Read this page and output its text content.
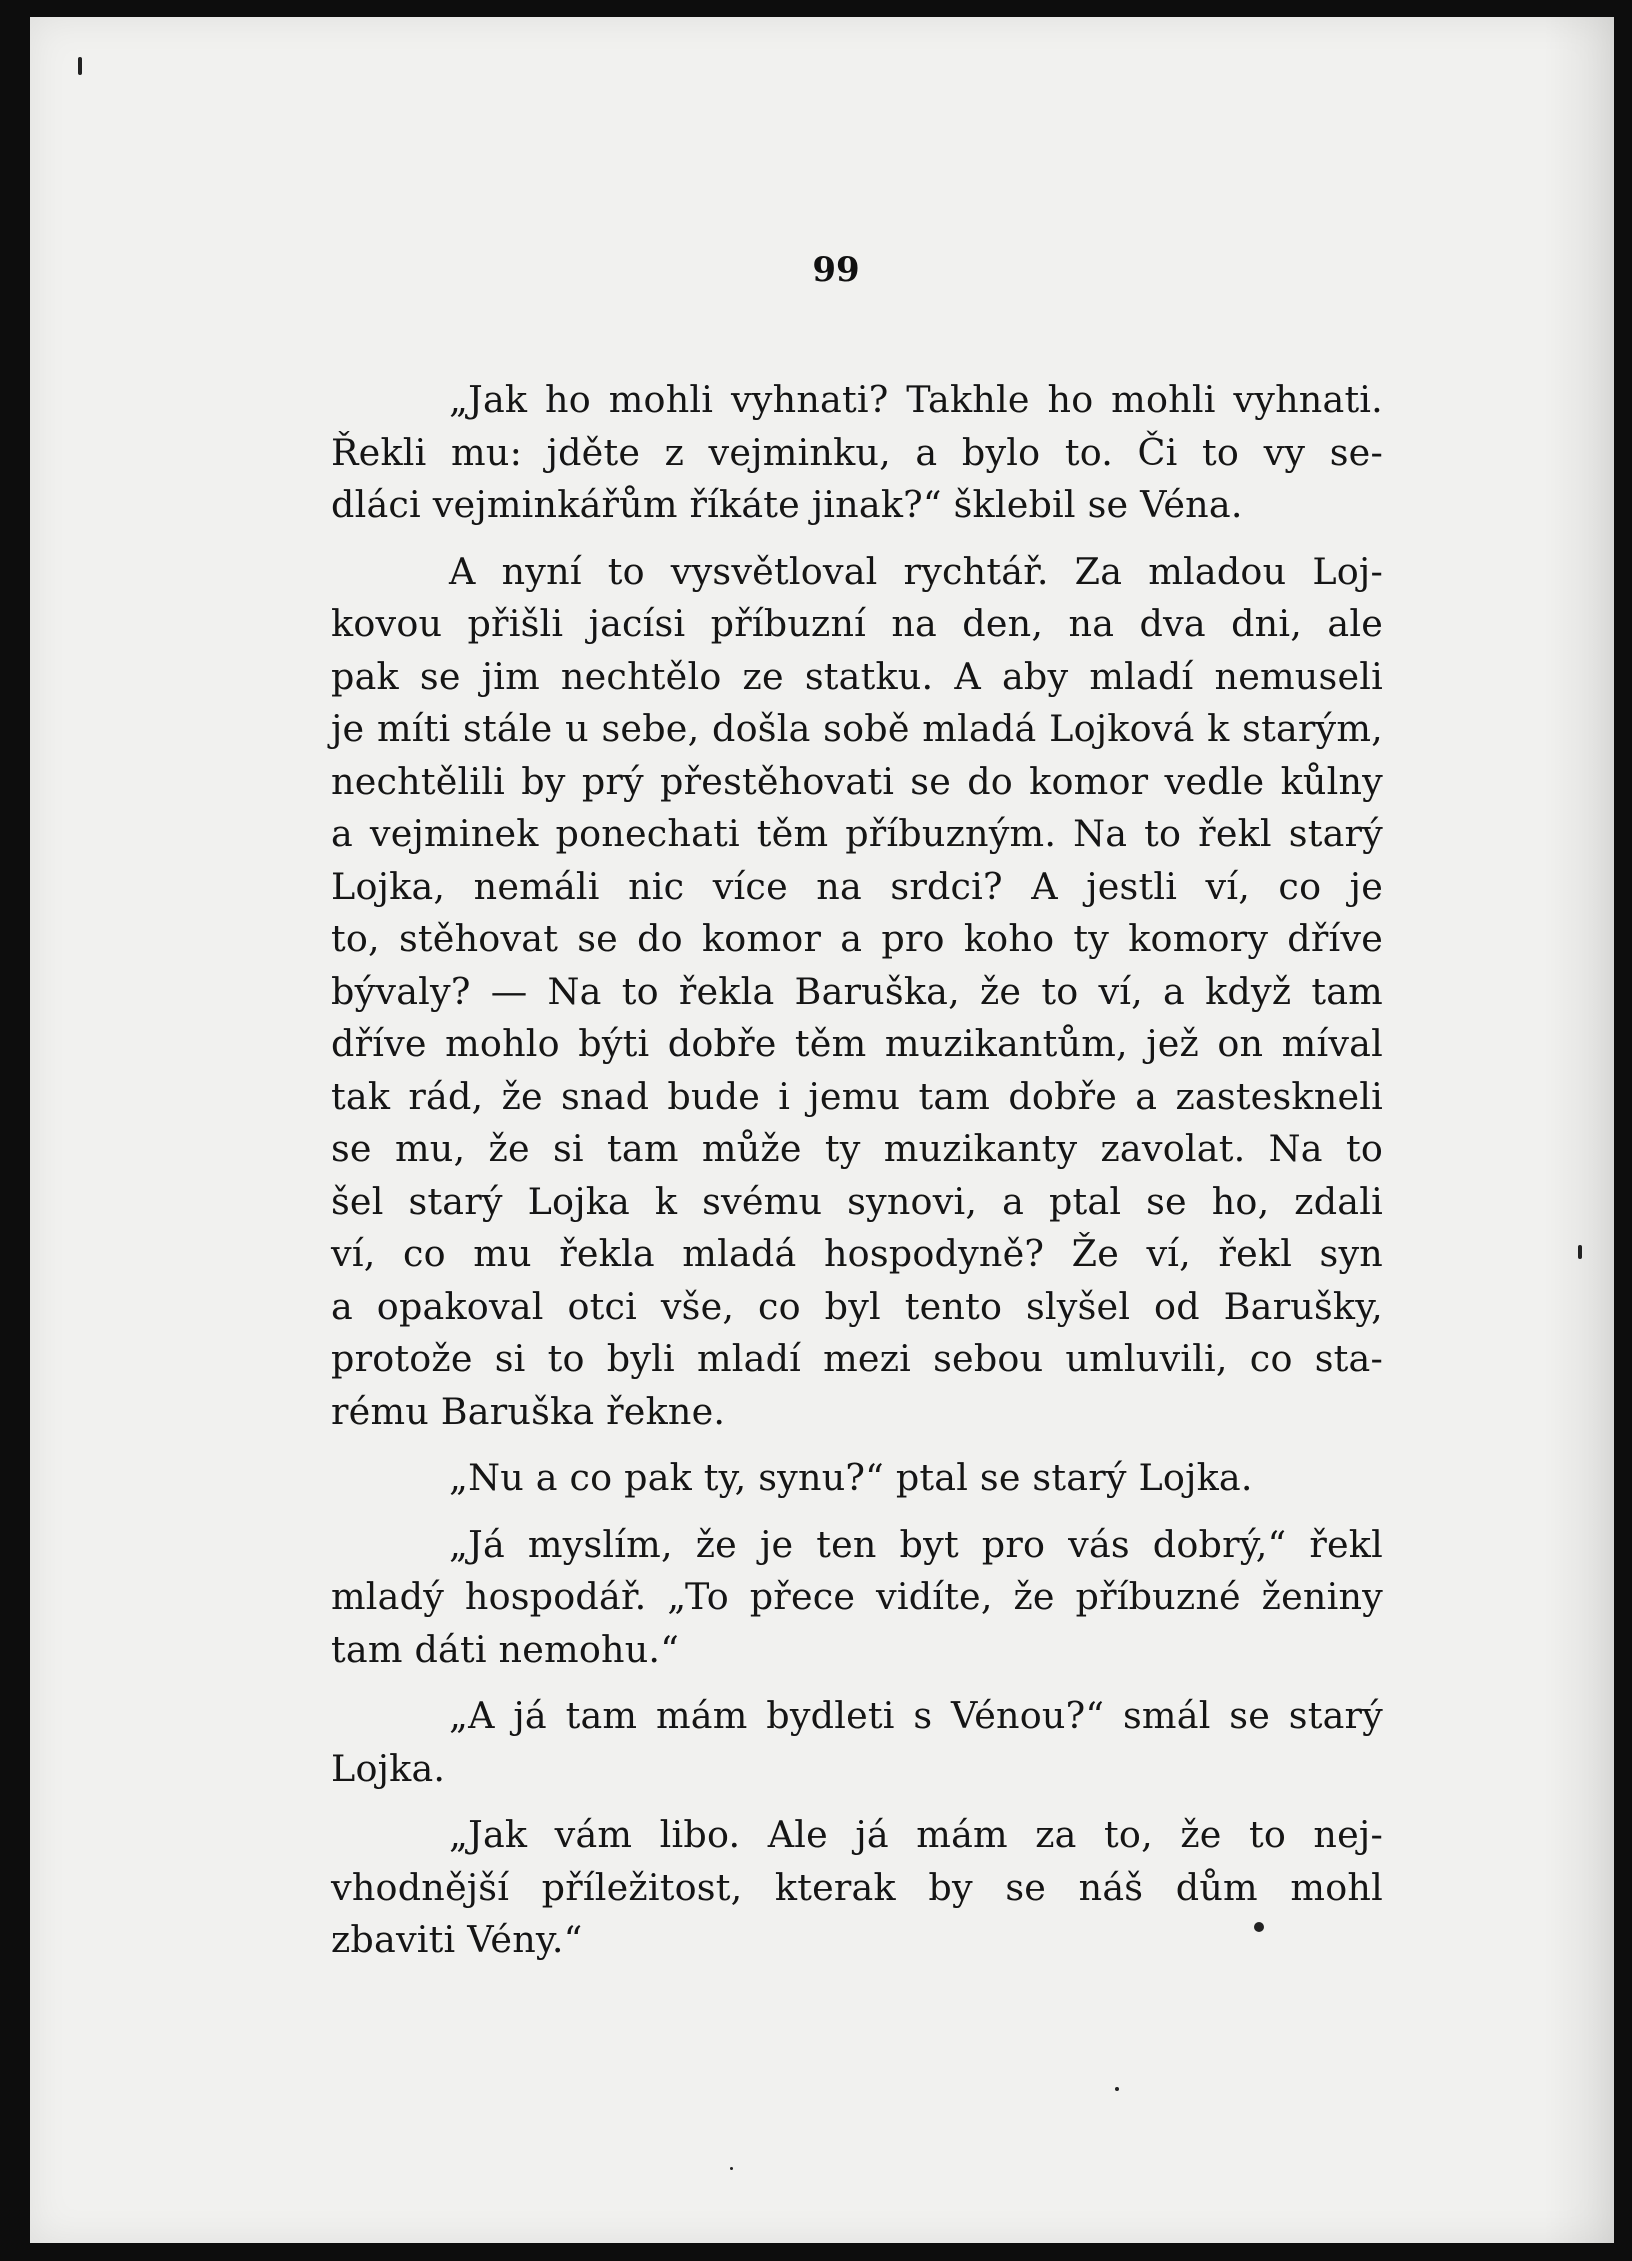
99
„Jak ho mohli vyhnati? Takhle ho mohli vyhnati.
Řekli mu: jděte z vejminku, a bylo to. Či to vy se-
dláci vejminkářům říkáte jinak?“ šklebil se Véna.
A nyní to vysvětloval rychtář. Za mladou Loj-
kovou přišli jacísi příbuzní na den, na dva dni, ale
pak se jim nechtělo ze statku. A aby mladí nemuseli
je míti stále u sebe, došla sobě mladá Lojková k starým,
nechtělili by prý přestěhovati se do komor vedle kůlny
a vejminek ponechati těm příbuzným. Na to řekl starý
Lojka, nemáli nic více na srdci? A jestli ví, co je
to, stěhovat se do komor a pro koho ty komory dříve
bývaly? — Na to řekla Baruška, že to ví, a když tam
dříve mohlo býti dobře těm muzikantům, jež on míval
tak rád, že snad bude i jemu tam dobře a zasteskneli
se mu, že si tam může ty muzikanty zavolat. Na to
šel starý Lojka k svému synovi, a ptal se ho, zdali
ví, co mu řekla mladá hospodyně? Že ví, řekl syn
a opakoval otci vše, co byl tento slyšel od Barušky,
protože si to byli mladí mezi sebou umluvili, co sta-
rému Baruška řekne.
„Nu a co pak ty, synu?“ ptal se starý Lojka.
„Já myslím, že je ten byt pro vás dobrý,“ řekl
mladý hospodář. „To přece vidíte, že příbuzné ženiny
tam dáti nemohu.“
„A já tam mám bydleti s Vénou?“ smál se starý
Lojka.
„Jak vám libo. Ale já mám za to, že to nej-
vhodnější příležitost, kterak by se náš dům mohl
zbaviti Vény.“
